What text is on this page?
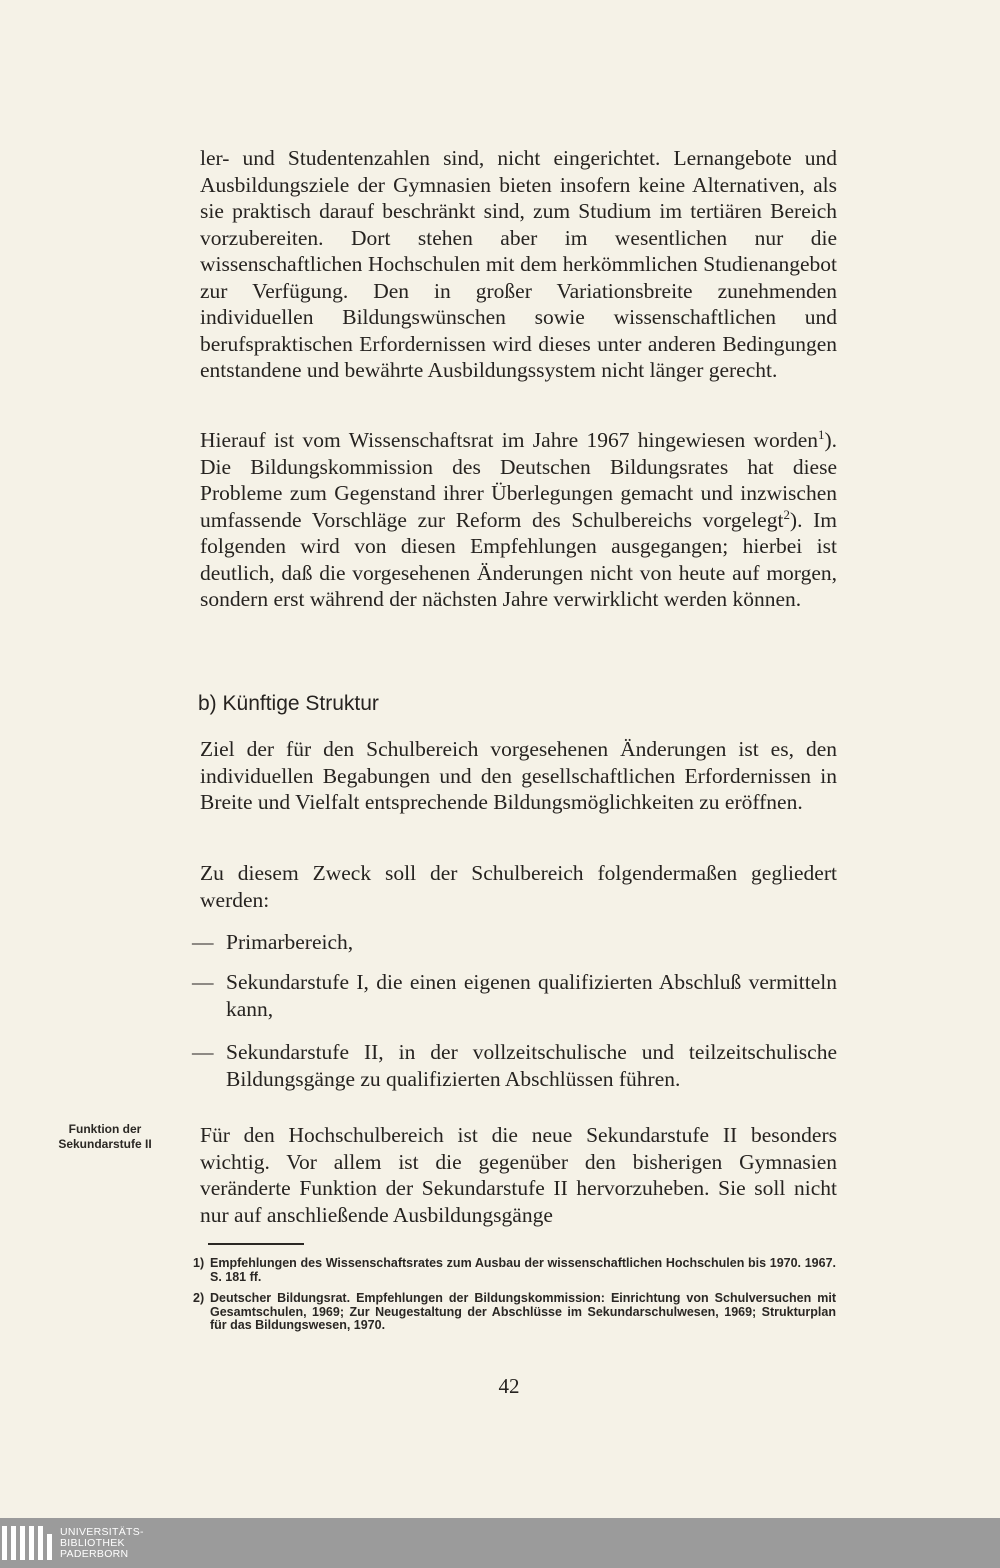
ler- und Studentenzahlen sind, nicht eingerichtet. Lernangebote und Ausbildungsziele der Gymnasien bieten insofern keine Alternativen, als sie praktisch darauf beschränkt sind, zum Studium im tertiären Bereich vorzubereiten. Dort stehen aber im wesentlichen nur die wissenschaftlichen Hochschulen mit dem herkömmlichen Studienangebot zur Verfügung. Den in großer Variationsbreite zunehmenden individuellen Bildungswünschen sowie wissenschaftlichen und berufspraktischen Erfordernissen wird dieses unter anderen Bedingungen entstandene und bewährte Ausbildungssystem nicht länger gerecht.

Hierauf ist vom Wissenschaftsrat im Jahre 1967 hingewiesen worden$^1$). Die Bildungskommission des Deutschen Bildungsrates hat diese Probleme zum Gegenstand ihrer Überlegungen gemacht und inzwischen umfassende Vorschläge zur Reform des Schulbereichs vorgelegt$^2$). Im folgenden wird von diesen Empfehlungen ausgegangen; hierbei ist deutlich, daß die vorgesehenen Änderungen nicht von heute auf morgen, sondern erst während der nächsten Jahre verwirklicht werden können.

b) Künftige Struktur

Ziel der für den Schulbereich vorgesehenen Änderungen ist es, den individuellen Begabungen und den gesellschaftlichen Erfordernissen in Breite und Vielfalt entsprechende Bildungsmöglichkeiten zu eröffnen.

Zu diesem Zweck soll der Schulbereich folgendermaßen gegliedert werden:

— Primarbereich,
— Sekundarstufe I, die einen eigenen qualifizierten Abschluß vermitteln kann,
— Sekundarstufe II, in der vollzeitschulische und teilzeitschulische Bildungsgänge zu qualifizierten Abschlüssen führen.
Funktion der Sekundarstufe II	Für den Hochschulbereich ist die neue Sekundarstufe II besonders wichtig. Vor allem ist die gegenüber den bisherigen Gymnasien veränderte Funktion der Sekundarstufe II hervorzuheben. Sie soll nicht nur auf anschließende Ausbildungsgänge

1) Empfehlungen des Wissenschaftsrates zum Ausbau der wissenschaftlichen Hochschulen bis 1970. 1967. S. 181 ff.
2) Deutscher Bildungsrat. Empfehlungen der Bildungskommission: Einrichtung von Schulversuchen mit Gesamtschulen, 1969; Zur Neugestaltung der Abschlüsse im Sekundarschulwesen, 1969; Strukturplan für das Bildungswesen, 1970.
42
UNIVERSITÄTS-
BIBLIOTHEK
PADERBORN
